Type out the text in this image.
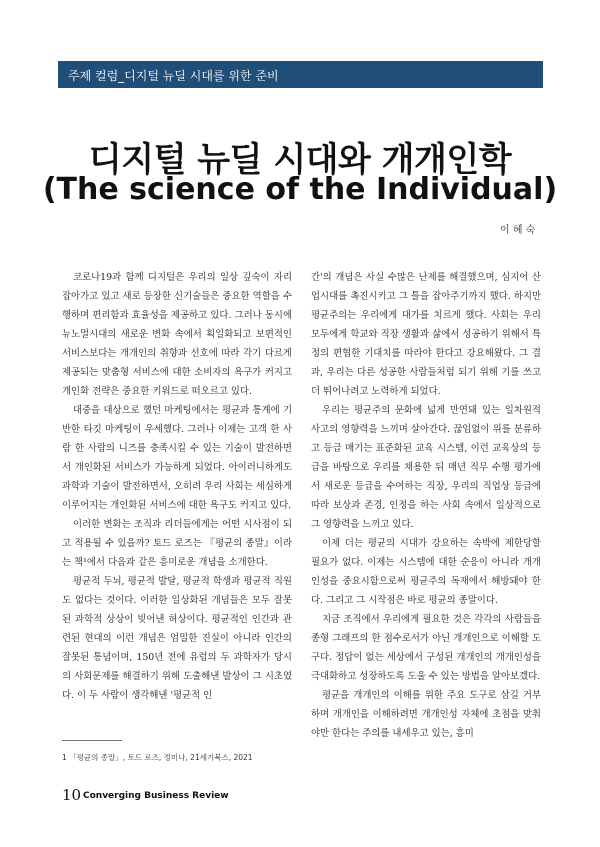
주제 컬럼_디지털 뉴딜 시대를 위한 준비
디지털 뉴딜 시대와 개개인학
(The science of the Individual)
이 혜 숙

코로나19과 함께 디지털은 우리의 일상 깊숙이 자리 잡아가고 있고 새로 등장한 신기술들은 중요한 역할을 수행하며 편리함과 효율성을 제공하고 있다. 그러나 동시에 뉴노멀시대의 새로운 변화 속에서 획일화되고 보편적인 서비스보다는 개개인의 취향과 선호에 따라 각기 다르게 제공되는 맞춤형 서비스에 대한 소비자의 욕구가 커지고 개인화 전략은 중요한 키워드로 떠오르고 있다.

대중을 대상으로 했던 마케팅에서는 평균과 통계에 기반한 타깃 마케팅이 우세했다. 그러나 이제는 고객 한 사람 한 사람의 니즈를 충족시킬 수 있는 기술이 발전하면서 개인화된 서비스가 가능하게 되었다. 아이러니하게도 과학과 기술이 발전하면서, 오히려 우리 사회는 세심하게 이루어지는 개인화된 서비스에 대한 욕구도 커지고 있다.

이러한 변화는 조직과 리더들에게는 어떤 시사점이 되고 적용될 수 있을까? 토드 로즈는 『평균의 종말』이라는 책¹에서 다음과 같은 흥미로운 개념을 소개한다.

평균적 두뇌, 평균적 발달, 평균적 학생과 평균적 직원도 없다는 것이다. 이러한 일상화된 개념들은 모두 잘못된 과학적 상상이 빚어낸 허상이다. 평균적인 인간과 관련된 현대의 이런 개념은 엄밀한 진실이 아니라 인간의 잘못된 통념이며, 150년 전에 유럽의 두 과학자가 당시의 사회문제를 해결하기 위해 도출해낸 발상이 그 시초였다. 이 두 사람이 생각해낸 '평균적 인

간'의 개념은 사실 수많은 난제를 해결했으며, 심지어 산업시대를 촉진시키고 그 틀을 잡아주기까지 했다. 하지만 평균주의는 우리에게 대가를 치르게 했다. 사회는 우리 모두에게 학교와 직장 생활과 삶에서 성공하기 위해서 특정의 편협한 기대치를 따라야 한다고 강요해왔다. 그 결과, 우리는 다른 성공한 사람들처럼 되기 위해 기를 쓰고 더 뛰어나려고 노력하게 되었다.

우리는 평균주의 문화에 넓게 만연돼 있는 일차원적 사고의 영향력을 느끼며 살아간다. 끊임없이 위를 분류하고 등급 매기는 표준화된 교육 시스템, 이런 교육상의 등급을 바탕으로 우리를 채용한 뒤 매년 직무 수행 평가에서 새로운 등급을 수여하는 직장, 우리의 직업상 등급에 따라 보상과 존경, 인정을 하는 사회 속에서 일상적으로 그 영향력을 느끼고 있다.

이제 더는 평균의 시대가 강요하는 속박에 제한당할 필요가 없다. 이제는 시스템에 대한 순응이 아니라 개개인성을 중요시함으로써 평균주의 독재에서 해방돼야 한다. 그리고 그 시작점은 바로 평균의 종말이다.

지금 조직에서 우리에게 필요한 것은 각각의 사람들을 종형 그래프의 한 점수로서가 아닌 개개인으로 이해할 도구다. 정답이 없는 세상에서 구성된 개개인의 개개인성을 극대화하고 성장하도록 도울 수 있는 방법을 알아보겠다.

평균을 개개인의 이해를 위한 주요 도구로 삼길 거부하며 개개인을 이해하려면 개개인성 자체에 초점을 맞춰야만 한다는 주의를 내세우고 있는, 흥미

1 「평균의 종말」, 토드 로즈, 정미나, 21세기북스, 2021
10 Converging Business Review
